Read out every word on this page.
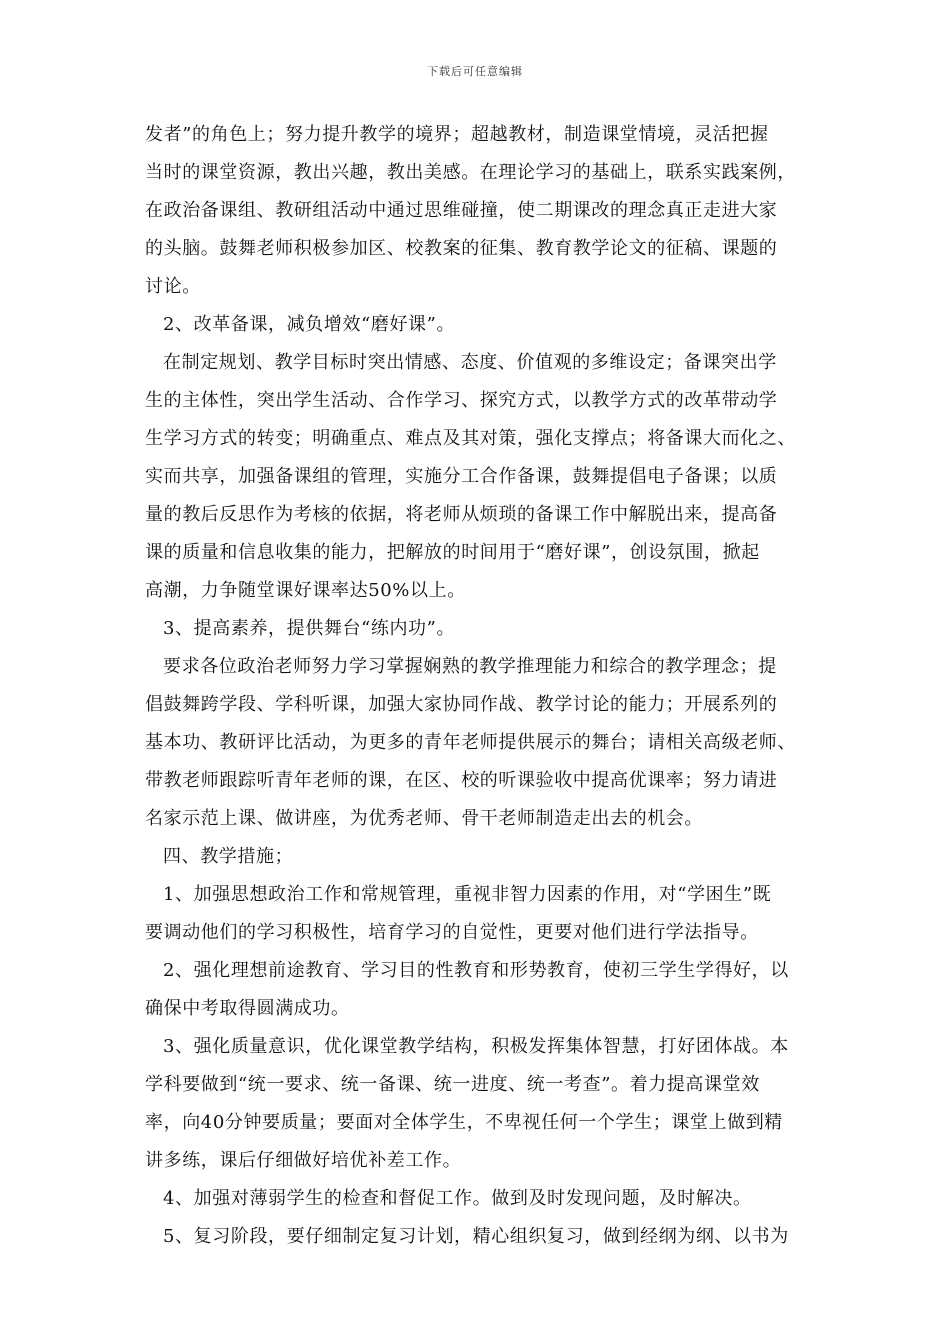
下载后可任意编辑

发者”的角色上；努力提升教学的境界；超越教材，制造课堂情境，灵活把握
当时的课堂资源，教出兴趣，教出美感。在理论学习的基础上，联系实践案例，
在政治备课组、教研组活动中通过思维碰撞，使二期课改的理念真正走进大家
的头脑。鼓舞老师积极参加区、校教案的征集、教育教学论文的征稿、课题的
讨论。

2、改革备课，减负增效“磨好课”。

在制定规划、教学目标时突出情感、态度、价值观的多维设定；备课突出学
生的主体性，突出学生活动、合作学习、探究方式，以教学方式的改革带动学
生学习方式的转变；明确重点、难点及其对策，强化支撑点；将备课大而化之、
实而共享，加强备课组的管理，实施分工合作备课，鼓舞提倡电子备课；以质
量的教后反思作为考核的依据，将老师从烦琐的备课工作中解脱出来，提高备
课的质量和信息收集的能力，把解放的时间用于“磨好课”，创设氛围，掀起
高潮，力争随堂课好课率达50%以上。

3、提高素养，提供舞台“练内功”。

要求各位政治老师努力学习掌握娴熟的教学推理能力和综合的教学理念；提
倡鼓舞跨学段、学科听课，加强大家协同作战、教学讨论的能力；开展系列的
基本功、教研评比活动，为更多的青年老师提供展示的舞台；请相关高级老师、
带教老师跟踪听青年老师的课，在区、校的听课验收中提高优课率；努力请进
名家示范上课、做讲座，为优秀老师、骨干老师制造走出去的机会。

四、教学措施；

1、加强思想政治工作和常规管理，重视非智力因素的作用，对“学困生”既
要调动他们的学习积极性，培育学习的自觉性，更要对他们进行学法指导。

2、强化理想前途教育、学习目的性教育和形势教育，使初三学生学得好，以
确保中考取得圆满成功。

3、强化质量意识，优化课堂教学结构，积极发挥集体智慧，打好团体战。本
学科要做到“统一要求、统一备课、统一进度、统一考查”。着力提高课堂效
率，向40分钟要质量；要面对全体学生，不卑视任何一个学生；课堂上做到精
讲多练，课后仔细做好培优补差工作。

4、加强对薄弱学生的检查和督促工作。做到及时发现问题，及时解决。

5、复习阶段，要仔细制定复习计划，精心组织复习，做到经纲为纲、以书为
